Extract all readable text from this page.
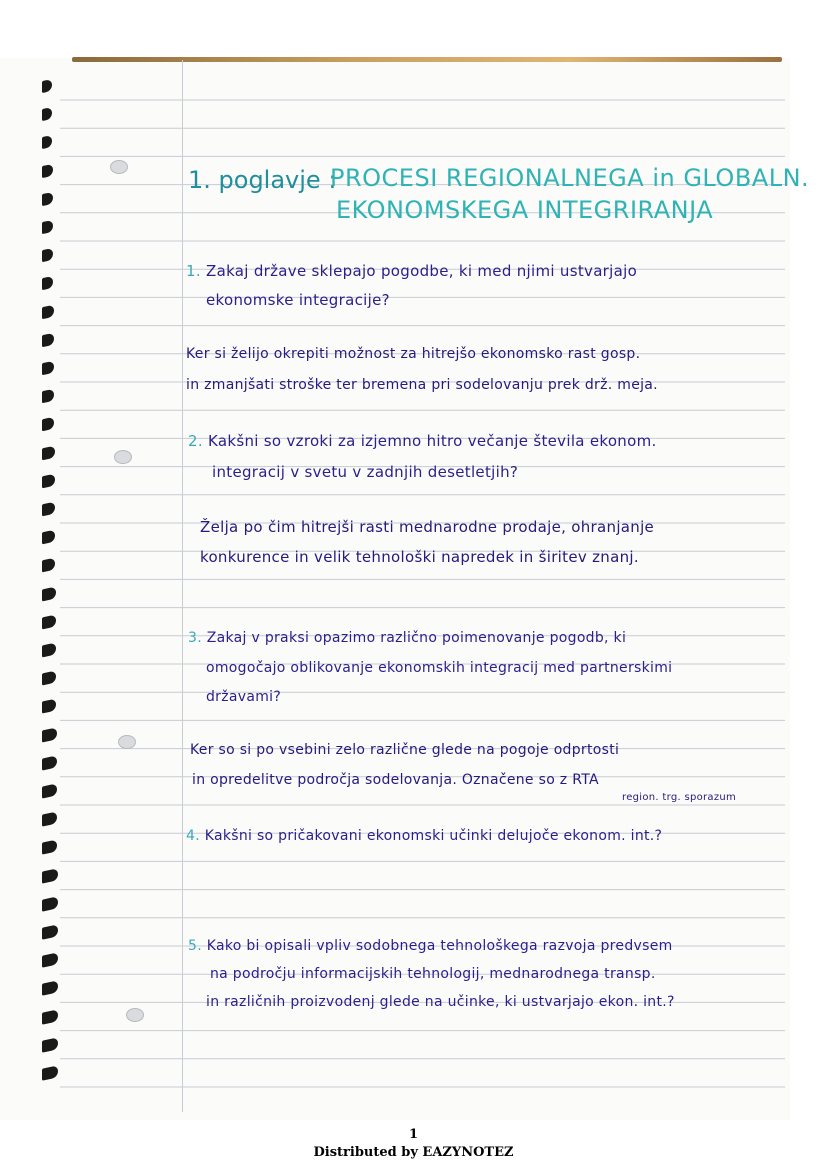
1. poglavje :
PROCESI REGIONALNEGA in GLOBALN.
EKONOMSKEGA INTEGRIRANJA
1. Zakaj države sklepajo pogodbe, ki med njimi ustvarjajo
ekonomske integracije?
Ker si želijo okrepiti možnost za hitrejšo ekonomsko rast gosp.
in zmanjšati stroške ter bremena pri sodelovanju prek drž. meja.
2. Kakšni so vzroki za izjemno hitro večanje števila ekonom.
integracij v svetu v zadnjih desetletjih?
Želja po čim hitrejši rasti mednarodne prodaje, ohranjanje
konkurence in velik tehnološki napredek in širitev znanj.
3. Zakaj v praksi opazimo različno poimenovanje pogodb, ki
omogočajo oblikovanje ekonomskih integracij med partnerskimi
državami?
Ker so si po vsebini zelo različne glede na pogoje odprtosti
in opredelitve področja sodelovanja. Označene so z RTA
region. trg. sporazum
4. Kakšni so pričakovani ekonomski učinki delujoče ekonom. int.?
5. Kako bi opisali vpliv sodobnega tehnološkega razvoja predvsem
na področju informacijskih tehnologij, mednarodnega transp.
in različnih proizvodenj glede na učinke, ki ustvarjajo ekon. int.?
1
Distributed by EAZYNOTEZ
